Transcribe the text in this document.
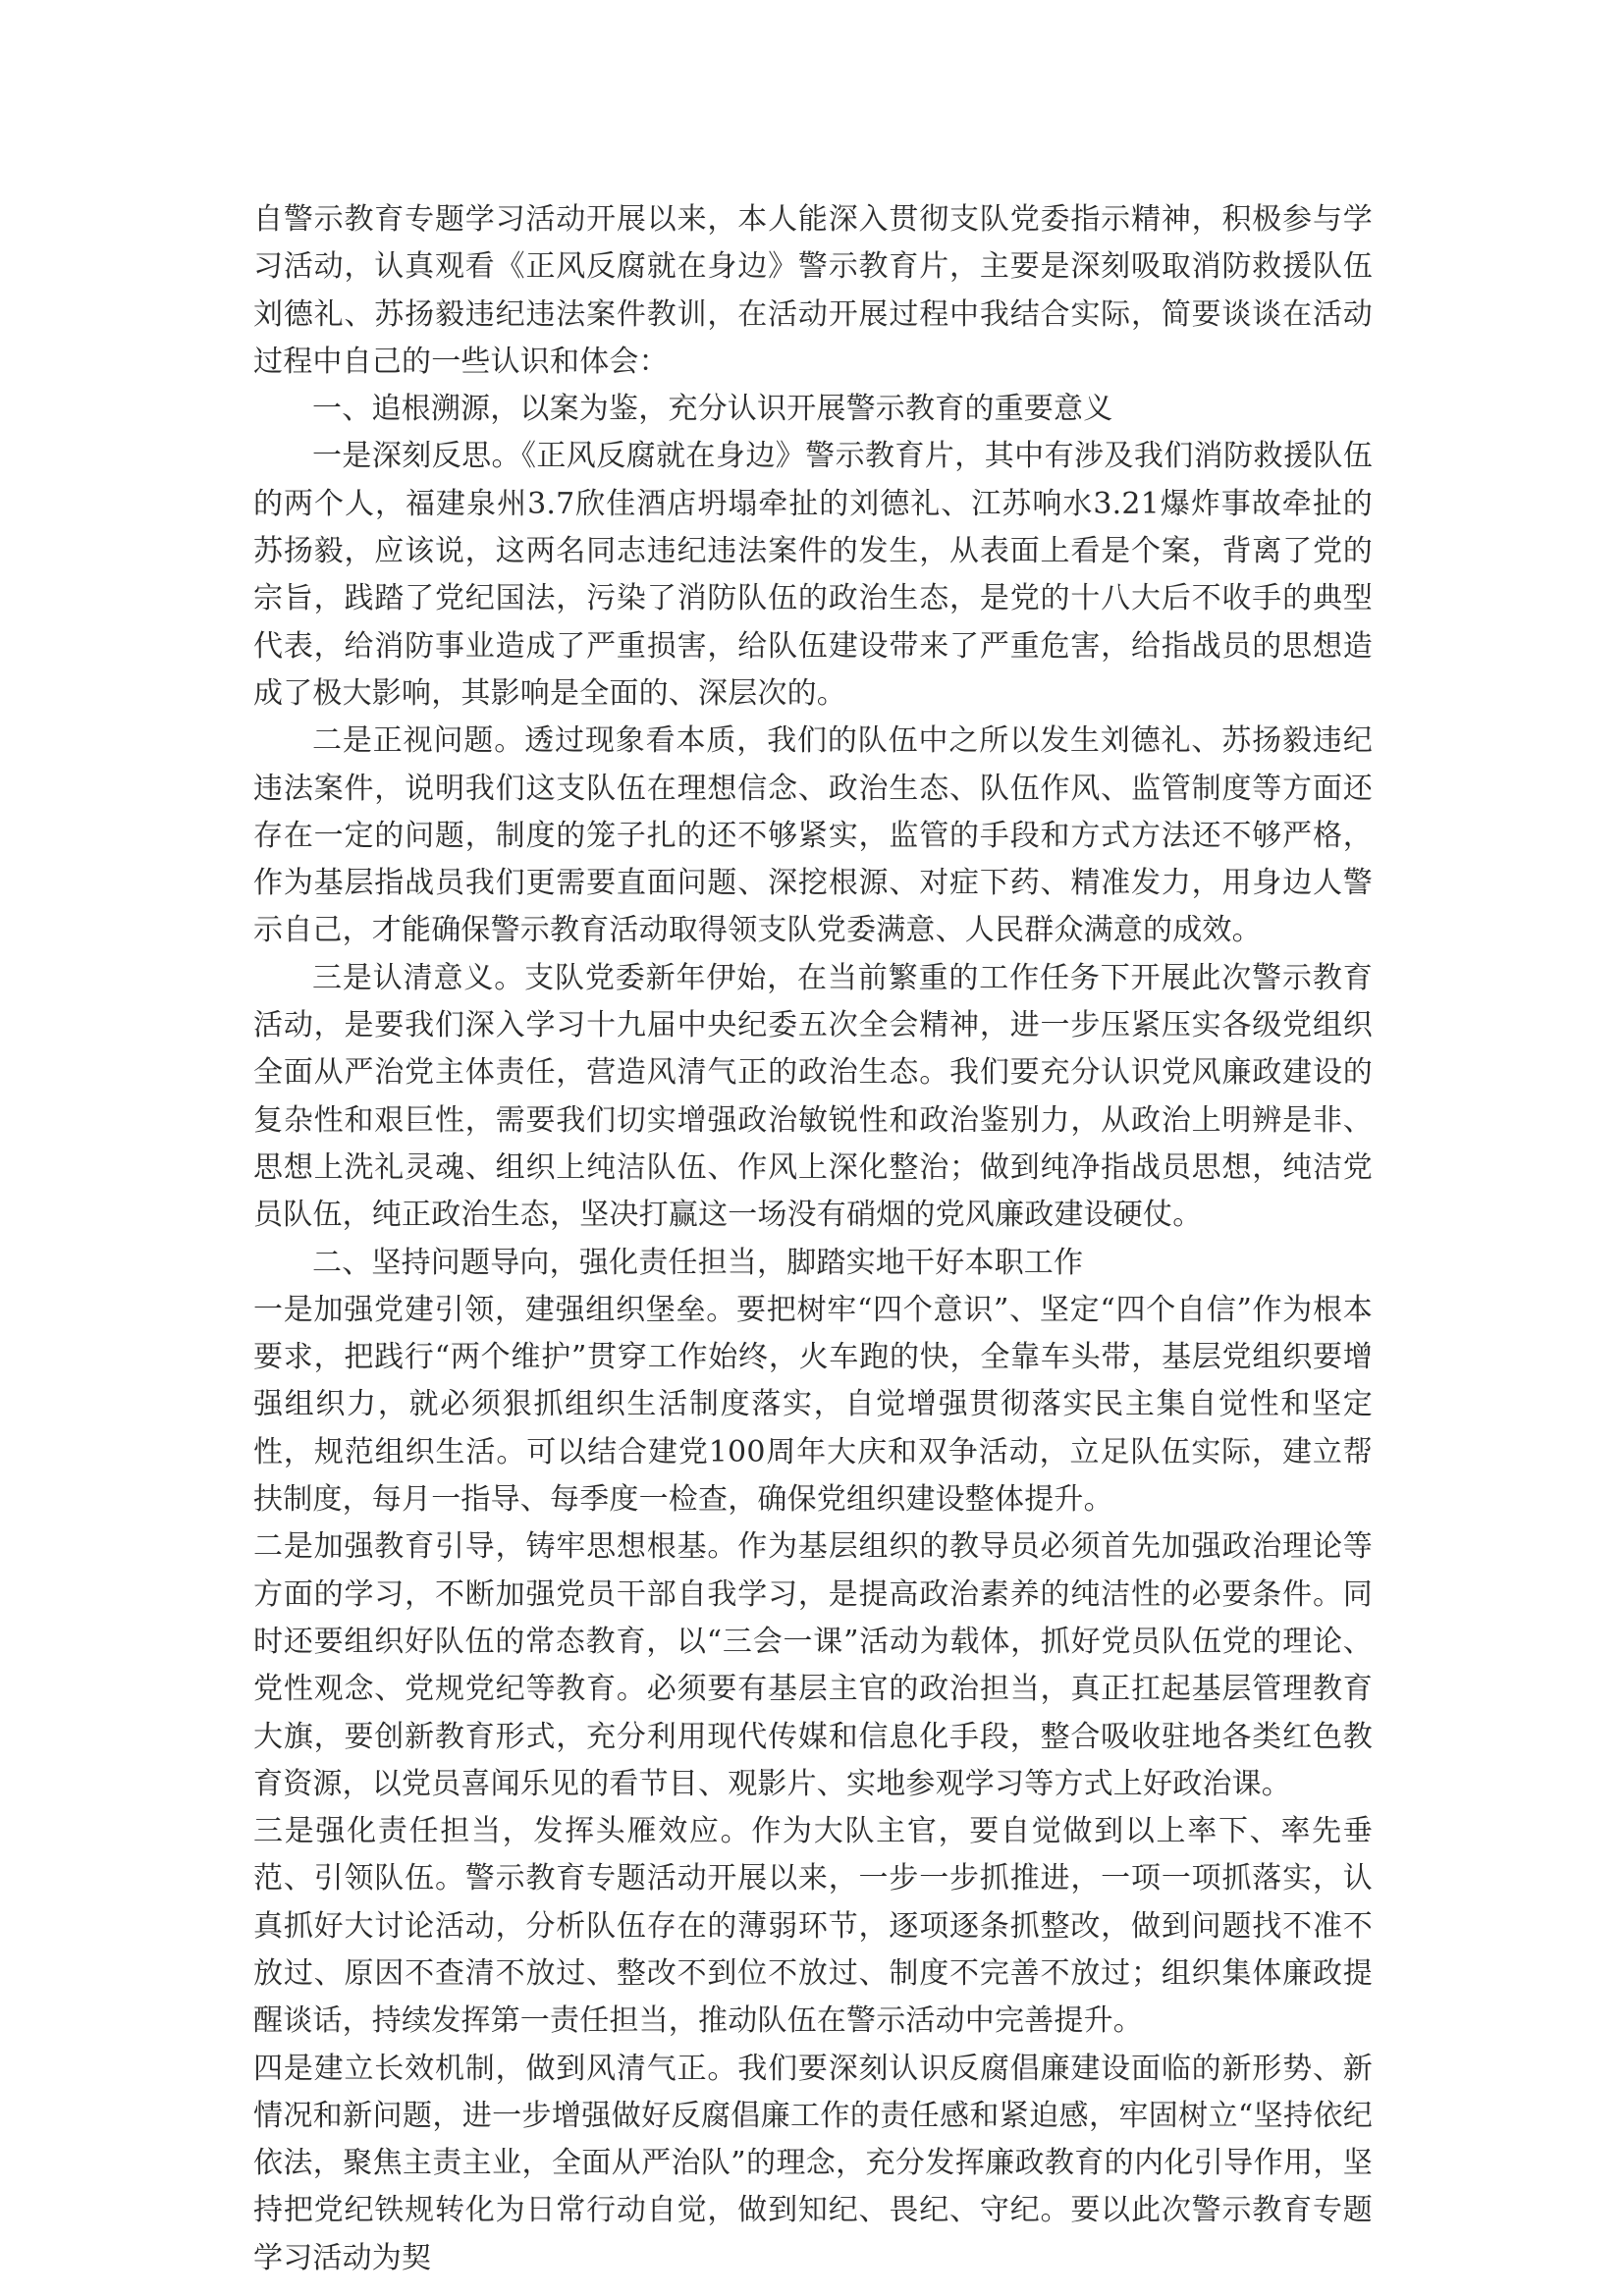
自警示教育专题学习活动开展以来，本人能深入贯彻支队党委指示精神，积极参与学习活动，认真观看《正风反腐就在身边》警示教育片，主要是深刻吸取消防救援队伍刘德礼、苏扬毅违纪违法案件教训，在活动开展过程中我结合实际，简要谈谈在活动过程中自己的一些认识和体会：

一、追根溯源，以案为鉴，充分认识开展警示教育的重要意义

一是深刻反思。《正风反腐就在身边》警示教育片，其中有涉及我们消防救援队伍的两个人，福建泉州3.7欣佳酒店坍塌牵扯的刘德礼、江苏响水3.21爆炸事故牵扯的苏扬毅，应该说，这两名同志违纪违法案件的发生，从表面上看是个案，背离了党的宗旨，践踏了党纪国法，污染了消防队伍的政治生态，是党的十八大后不收手的典型代表，给消防事业造成了严重损害，给队伍建设带来了严重危害，给指战员的思想造成了极大影响，其影响是全面的、深层次的。

二是正视问题。透过现象看本质，我们的队伍中之所以发生刘德礼、苏扬毅违纪违法案件，说明我们这支队伍在理想信念、政治生态、队伍作风、监管制度等方面还存在一定的问题，制度的笼子扎的还不够紧实，监管的手段和方式方法还不够严格，作为基层指战员我们更需要直面问题、深挖根源、对症下药、精准发力，用身边人警示自己，才能确保警示教育活动取得领支队党委满意、人民群众满意的成效。

三是认清意义。支队党委新年伊始，在当前繁重的工作任务下开展此次警示教育活动，是要我们深入学习十九届中央纪委五次全会精神，进一步压紧压实各级党组织全面从严治党主体责任，营造风清气正的政治生态。我们要充分认识党风廉政建设的复杂性和艰巨性，需要我们切实增强政治敏锐性和政治鉴别力，从政治上明辨是非、思想上洗礼灵魂、组织上纯洁队伍、作风上深化整治；做到纯净指战员思想，纯洁党员队伍，纯正政治生态，坚决打赢这一场没有硝烟的党风廉政建设硬仗。

二、坚持问题导向，强化责任担当，脚踏实地干好本职工作

一是加强党建引领，建强组织堡垒。要把树牢“四个意识”、坚定“四个自信”作为根本要求，把践行“两个维护”贯穿工作始终，火车跑的快，全靠车头带，基层党组织要增强组织力，就必须狠抓组织生活制度落实，自觉增强贯彻落实民主集自觉性和坚定性，规范组织生活。可以结合建党100周年大庆和双争活动，立足队伍实际，建立帮扶制度，每月一指导、每季度一检查，确保党组织建设整体提升。

二是加强教育引导，铸牢思想根基。作为基层组织的教导员必须首先加强政治理论等方面的学习，不断加强党员干部自我学习，是提高政治素养的纯洁性的必要条件。同时还要组织好队伍的常态教育，以“三会一课”活动为载体，抓好党员队伍党的理论、党性观念、党规党纪等教育。必须要有基层主官的政治担当，真正扛起基层管理教育大旗，要创新教育形式，充分利用现代传媒和信息化手段，整合吸收驻地各类红色教育资源，以党员喜闻乐见的看节目、观影片、实地参观学习等方式上好政治课。

三是强化责任担当，发挥头雁效应。作为大队主官，要自觉做到以上率下、率先垂范、引领队伍。警示教育专题活动开展以来，一步一步抓推进，一项一项抓落实，认真抓好大讨论活动，分析队伍存在的薄弱环节，逐项逐条抓整改，做到问题找不准不放过、原因不查清不放过、整改不到位不放过、制度不完善不放过；组织集体廉政提醒谈话，持续发挥第一责任担当，推动队伍在警示活动中完善提升。

四是建立长效机制，做到风清气正。我们要深刻认识反腐倡廉建设面临的新形势、新情况和新问题，进一步增强做好反腐倡廉工作的责任感和紧迫感，牢固树立“坚持依纪依法，聚焦主责主业，全面从严治队”的理念，充分发挥廉政教育的内化引导作用，坚持把党纪铁规转化为日常行动自觉，做到知纪、畏纪、守纪。要以此次警示教育专题学习活动为契
